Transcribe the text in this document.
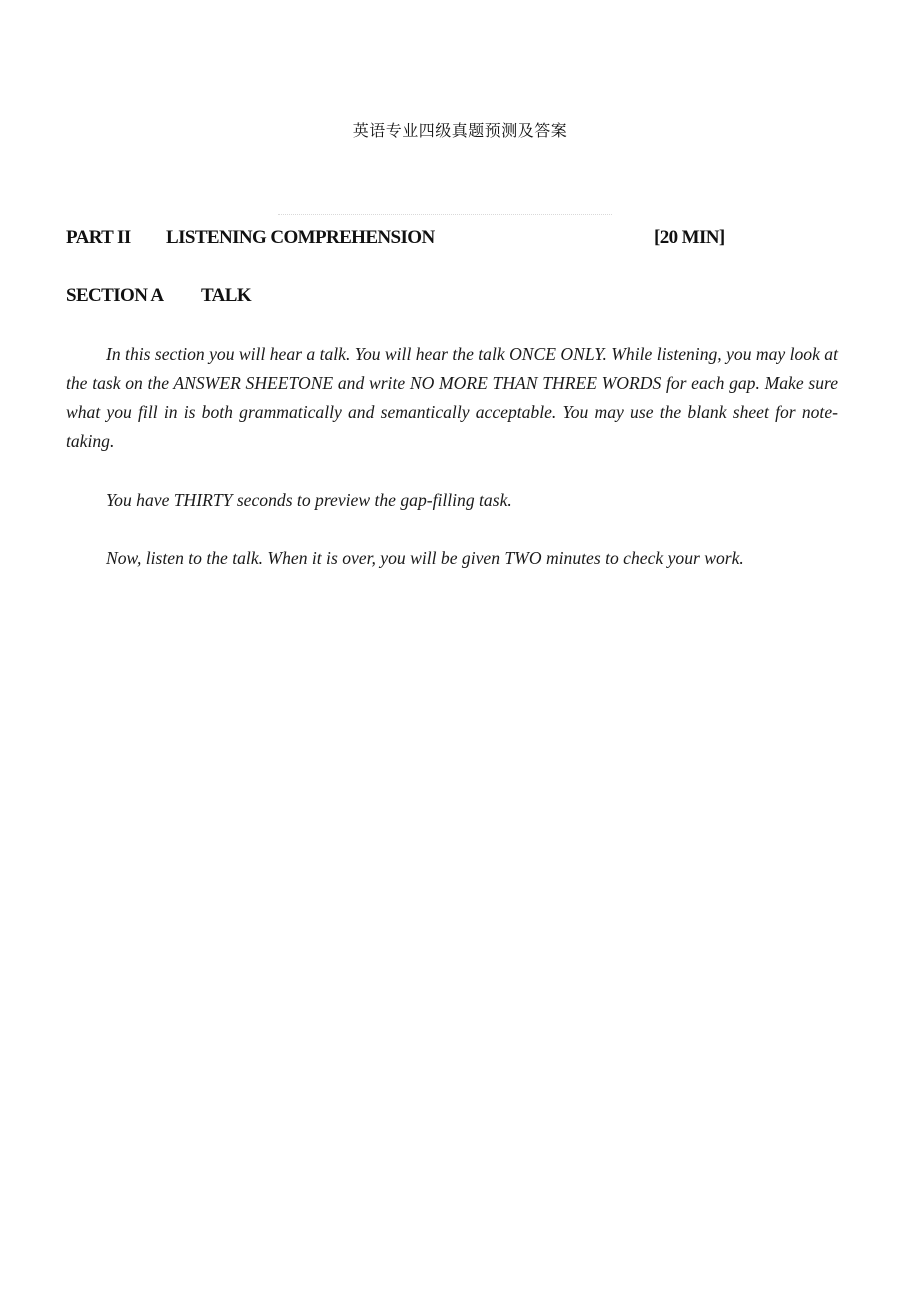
英语专业四级真题预测及答案
PART II LISTENING COMPREHENSION	[20 MIN]
SECTION A TALK

In this section you will hear a talk. You will hear the talk ONCE ONLY. While listening, you may look at the task on the ANSWER SHEETONE and write NO MORE THAN THREE WORDS for each gap. Make sure what you fill in is both grammatically and semantically acceptable. You may use the blank sheet for note-taking.

You have THIRTY seconds to preview the gap-filling task.

Now, listen to the talk. When it is over, you will be given TWO minutes to check your work.
